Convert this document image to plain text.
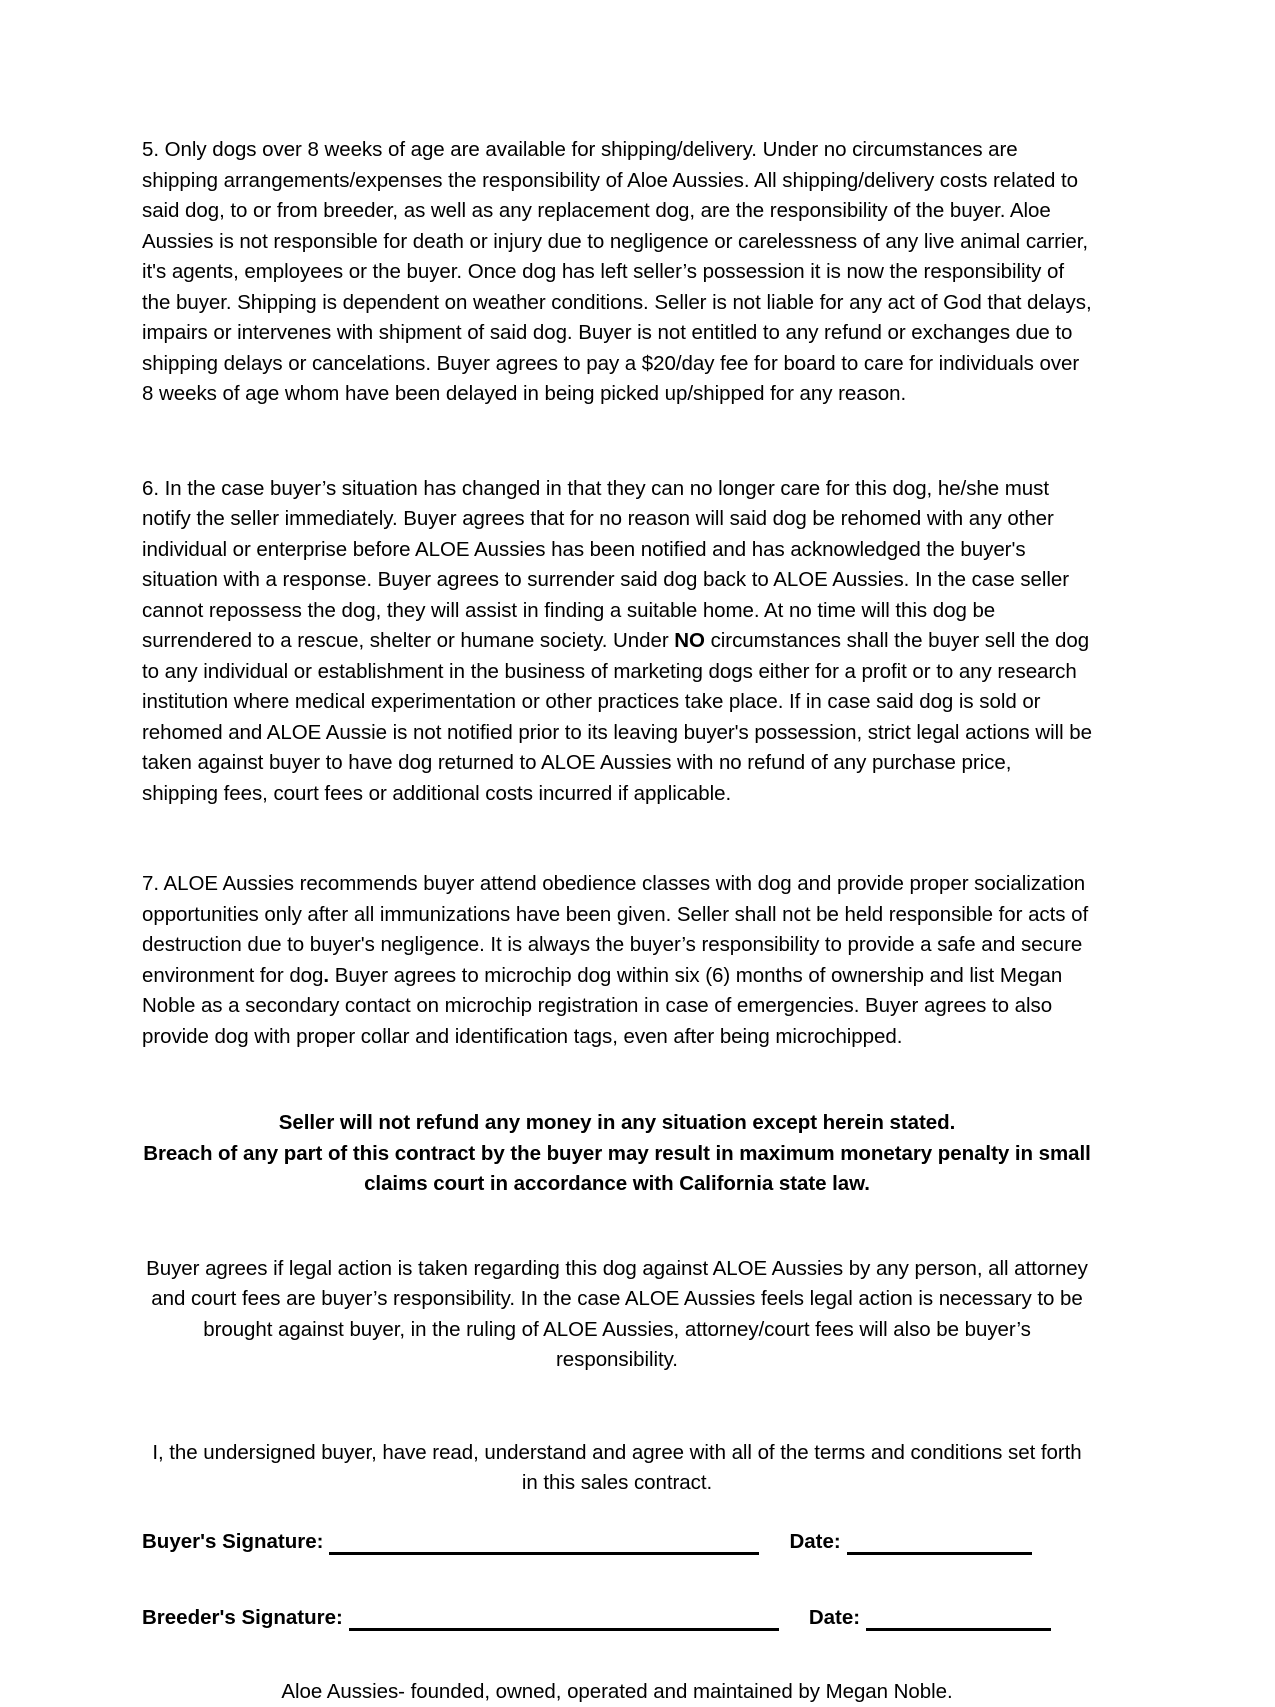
5. Only dogs over 8 weeks of age are available for shipping/delivery. Under no circumstances are shipping arrangements/expenses the responsibility of Aloe Aussies. All shipping/delivery costs related to said dog, to or from breeder, as well as any replacement dog, are the responsibility of the buyer. Aloe Aussies is not responsible for death or injury due to negligence or carelessness of any live animal carrier, it's agents, employees or the buyer. Once dog has left seller’s possession it is now the responsibility of the buyer. Shipping is dependent on weather conditions. Seller is not liable for any act of God that delays, impairs or intervenes with shipment of said dog. Buyer is not entitled to any refund or exchanges due to shipping delays or cancelations. Buyer agrees to pay a $20/day fee for board to care for individuals over 8 weeks of age whom have been delayed in being picked up/shipped for any reason.

6. In the case buyer’s situation has changed in that they can no longer care for this dog, he/she must notify the seller immediately. Buyer agrees that for no reason will said dog be rehomed with any other individual or enterprise before ALOE Aussies has been notified and has acknowledged the buyer's situation with a response. Buyer agrees to surrender said dog back to ALOE Aussies. In the case seller cannot repossess the dog, they will assist in finding a suitable home. At no time will this dog be surrendered to a rescue, shelter or humane society. Under NO circumstances shall the buyer sell the dog to any individual or establishment in the business of marketing dogs either for a profit or to any research institution where medical experimentation or other practices take place. If in case said dog is sold or rehomed and ALOE Aussie is not notified prior to its leaving buyer's possession, strict legal actions will be taken against buyer to have dog returned to ALOE Aussies with no refund of any purchase price, shipping fees, court fees or additional costs incurred if applicable.

7. ALOE Aussies recommends buyer attend obedience classes with dog and provide proper socialization opportunities only after all immunizations have been given. Seller shall not be held responsible for acts of destruction due to buyer's negligence. It is always the buyer’s responsibility to provide a safe and secure environment for dog. Buyer agrees to microchip dog within six (6) months of ownership and list Megan Noble as a secondary contact on microchip registration in case of emergencies. Buyer agrees to also provide dog with proper collar and identification tags, even after being microchipped.

Seller will not refund any money in any situation except herein stated.

Breach of any part of this contract by the buyer may result in maximum monetary penalty in small claims court in accordance with California state law.

Buyer agrees if legal action is taken regarding this dog against ALOE Aussies by any person, all attorney and court fees are buyer’s responsibility. In the case ALOE Aussies feels legal action is necessary to be brought against buyer, in the ruling of ALOE Aussies, attorney/court fees will also be buyer’s responsibility.

I, the undersigned buyer, have read, understand and agree with all of the terms and conditions set forth in this sales contract.

Buyer's Signature:	Date:
Breeder's Signature:	Date:

Aloe Aussies- founded, owned, operated and maintained by Megan Noble.
